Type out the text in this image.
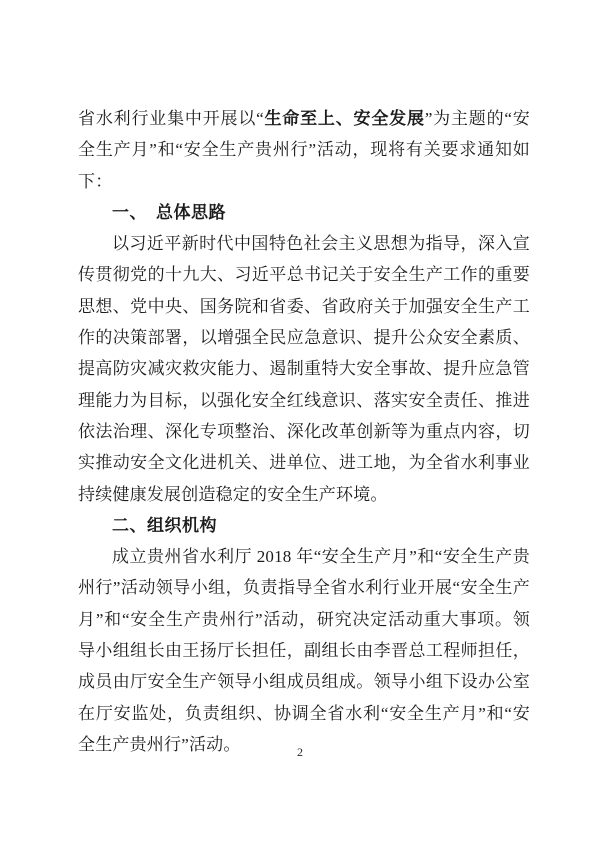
省水利行业集中开展以“生命至上、安全发展”为主题的“安全生产月”和“安全生产贵州行”活动，现将有关要求通知如下：

一、　总体思路

以习近平新时代中国特色社会主义思想为指导，深入宣传贯彻党的十九大、习近平总书记关于安全生产工作的重要思想、党中央、国务院和省委、省政府关于加强安全生产工作的决策部署，以增强全民应急意识、提升公众安全素质、提高防灾减灾救灾能力、遏制重特大安全事故、提升应急管理能力为目标，以强化安全红线意识、落实安全责任、推进依法治理、深化专项整治、深化改革创新等为重点内容，切实推动安全文化进机关、进单位、进工地，为全省水利事业持续健康发展创造稳定的安全生产环境。

二、组织机构

成立贵州省水利厅 2018 年“安全生产月”和“安全生产贵州行”活动领导小组，负责指导全省水利行业开展“安全生产月”和“安全生产贵州行”活动，研究决定活动重大事项。领导小组组长由王扬厅长担任，副组长由李晋总工程师担任，成员由厅安全生产领导小组成员组成。领导小组下设办公室在厅安监处，负责组织、协调全省水利“安全生产月”和“安全生产贵州行”活动。	2
